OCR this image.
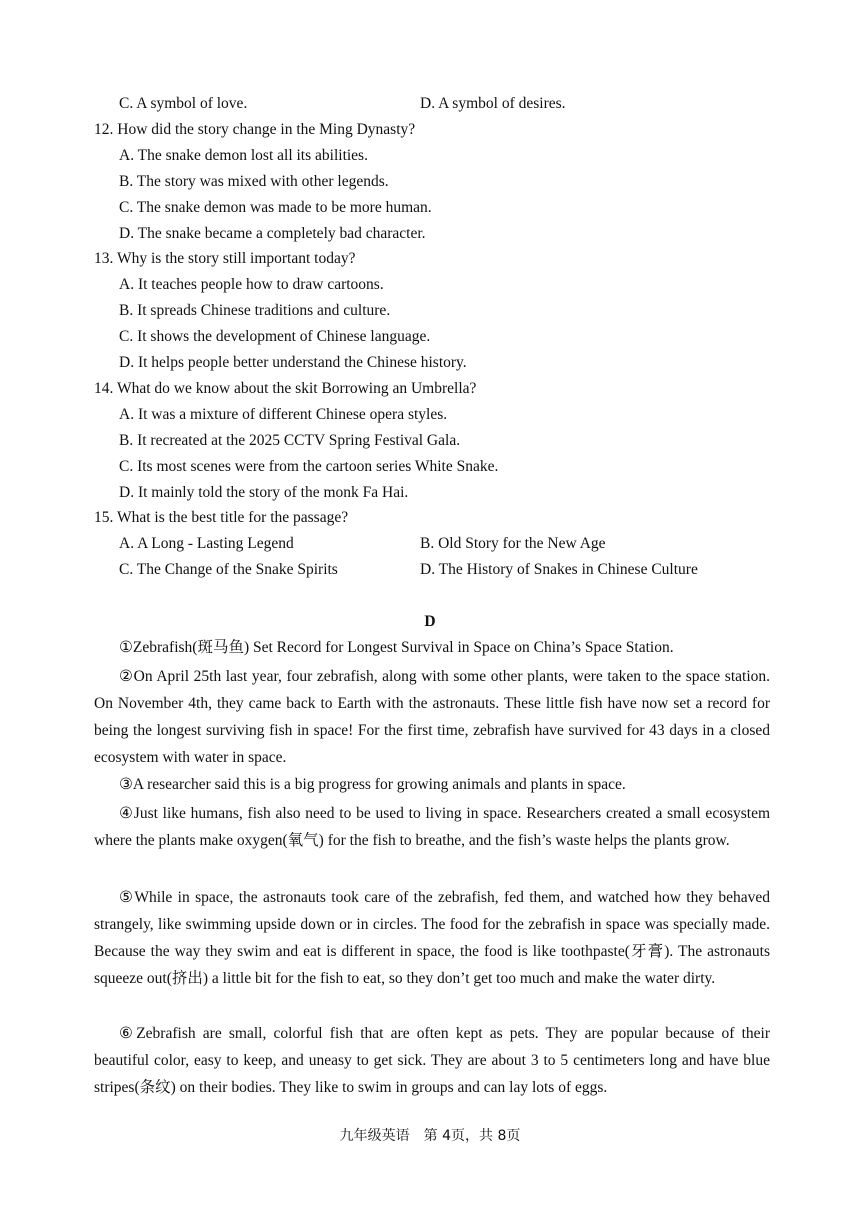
C. A symbol of love.	D. A symbol of desires.
12. How did the story change in the Ming Dynasty?
A. The snake demon lost all its abilities.
B. The story was mixed with other legends.
C. The snake demon was made to be more human.
D. The snake became a completely bad character.
13. Why is the story still important today?
A. It teaches people how to draw cartoons.
B. It spreads Chinese traditions and culture.
C. It shows the development of Chinese language.
D. It helps people better understand the Chinese history.
14. What do we know about the skit Borrowing an Umbrella?
A. It was a mixture of different Chinese opera styles.
B. It recreated at the 2025 CCTV Spring Festival Gala.
C. Its most scenes were from the cartoon series White Snake.
D. It mainly told the story of the monk Fa Hai.
15. What is the best title for the passage?
A. A Long - Lasting Legend	B. Old Story for the New Age
C. The Change of the Snake Spirits	D. The History of Snakes in Chinese Culture
D
①Zebrafish(斑马鱼) Set Record for Longest Survival in Space on China’s Space Station.
②On April 25th last year, four zebrafish, along with some other plants, were taken to the space station. On November 4th, they came back to Earth with the astronauts. These little fish have now set a record for being the longest surviving fish in space! For the first time, zebrafish have survived for 43 days in a closed ecosystem with water in space.
③A researcher said this is a big progress for growing animals and plants in space.
④Just like humans, fish also need to be used to living in space. Researchers created a small ecosystem where the plants make oxygen(氧气) for the fish to breathe, and the fish’s waste helps the plants grow.
⑤While in space, the astronauts took care of the zebrafish, fed them, and watched how they behaved strangely, like swimming upside down or in circles. The food for the zebrafish in space was specially made. Because the way they swim and eat is different in space, the food is like toothpaste(牙膏). The astronauts squeeze out(挤出) a little bit for the fish to eat, so they don’t get too much and make the water dirty.
⑥Zebrafish are small, colorful fish that are often kept as pets. They are popular because of their beautiful color, easy to keep, and uneasy to get sick. They are about 3 to 5 centimeters long and have blue stripes(条纹) on their bodies. They like to swim in groups and can lay lots of eggs.
九年级英语　第 4页，共 8页
